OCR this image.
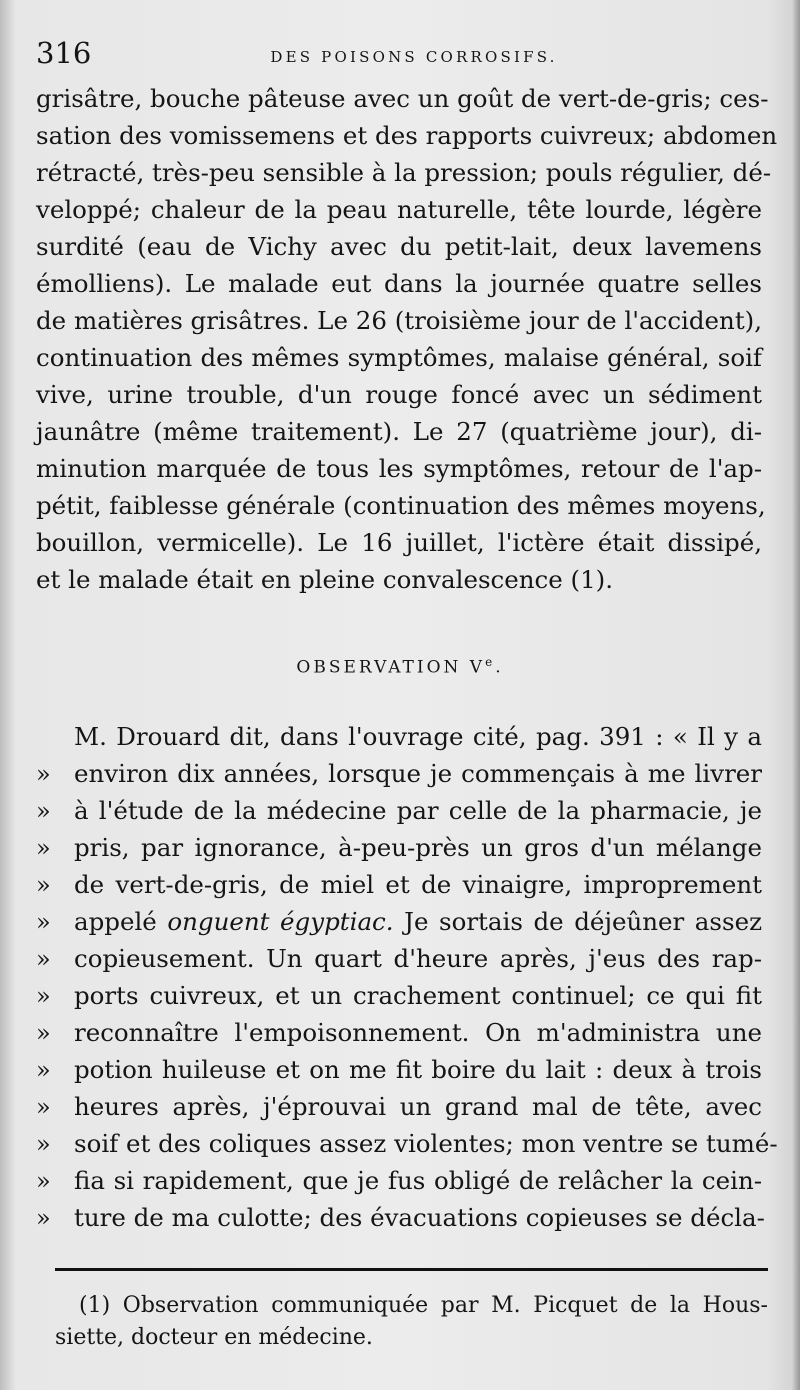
316	DES POISONS CORROSIFS.
grisâtre, bouche pâteuse avec un goût de vert-de-gris; ces-
sation des vomissemens et des rapports cuivreux; abdomen
rétracté, très-peu sensible à la pression; pouls régulier, dé-
veloppé; chaleur de la peau naturelle, tête lourde, légère
surdité (eau de Vichy avec du petit-lait, deux lavemens
émolliens). Le malade eut dans la journée quatre selles
de matières grisâtres. Le 26 (troisième jour de l'accident),
continuation des mêmes symptômes, malaise général, soif
vive, urine trouble, d'un rouge foncé avec un sédiment
jaunâtre (même traitement). Le 27 (quatrième jour), di-
minution marquée de tous les symptômes, retour de l'ap-
pétit, faiblesse générale (continuation des mêmes moyens,
bouillon, vermicelle). Le 16 juillet, l'ictère était dissipé,
et le malade était en pleine convalescence (1).
OBSERVATION Ve.
M. Drouard dit, dans l'ouvrage cité, pag. 391 : « Il y a
» environ dix années, lorsque je commençais à me livrer
» à l'étude de la médecine par celle de la pharmacie, je
» pris, par ignorance, à-peu-près un gros d'un mélange
» de vert-de-gris, de miel et de vinaigre, improprement
» appelé onguent égyptiac. Je sortais de déjeûner assez
» copieusement. Un quart d'heure après, j'eus des rap-
» ports cuivreux, et un crachement continuel; ce qui fit
» reconnaître l'empoisonnement. On m'administra une
» potion huileuse et on me fit boire du lait : deux à trois
» heures après, j'éprouvai un grand mal de tête, avec
» soif et des coliques assez violentes; mon ventre se tumé-
» fia si rapidement, que je fus obligé de relâcher la cein-
» ture de ma culotte; des évacuations copieuses se décla-
(1) Observation communiquée par M. Picquet de la Hous-
siette, docteur en médecine.
